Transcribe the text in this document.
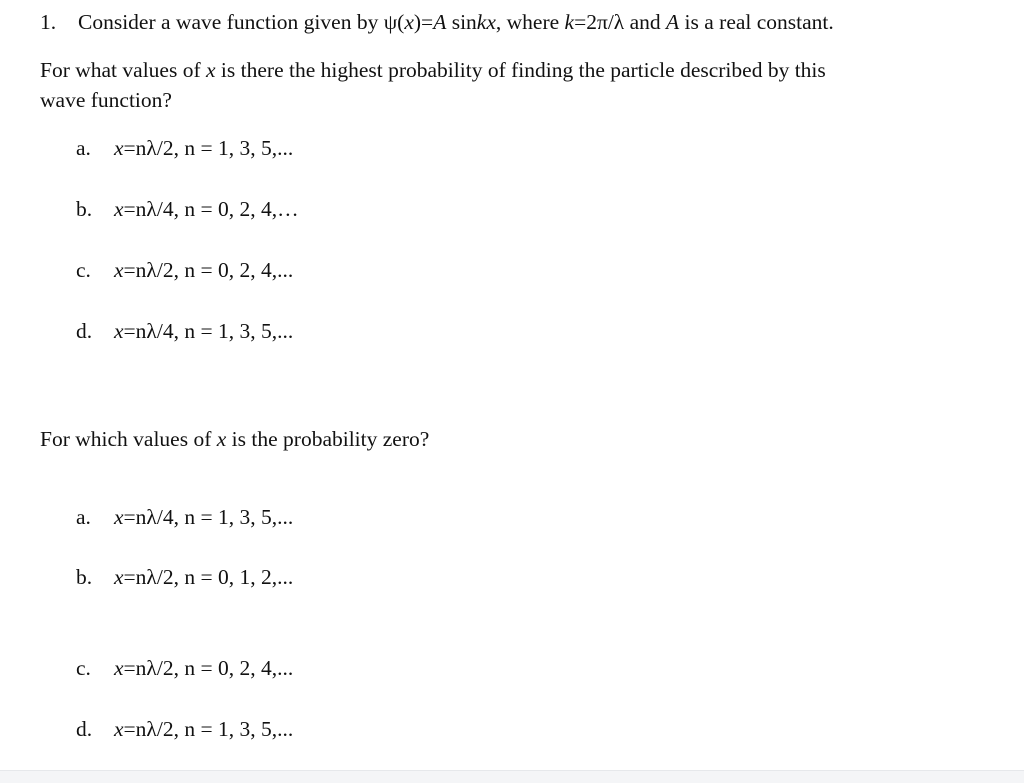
1. Consider a wave function given by ψ(x)=A sinkx, where k=2π/λ and A is a real constant.
For what values of x is there the highest probability of finding the particle described by this
wave function?
a. x=nλ/2, n = 1, 3, 5,...
b. x=nλ/4, n = 0, 2, 4,…
c. x=nλ/2, n = 0, 2, 4,...
d. x=nλ/4, n = 1, 3, 5,...
For which values of x is the probability zero?
a. x=nλ/4, n = 1, 3, 5,...
b. x=nλ/2, n = 0, 1, 2,...
c. x=nλ/2, n = 0, 2, 4,...
d. x=nλ/2, n = 1, 3, 5,...
